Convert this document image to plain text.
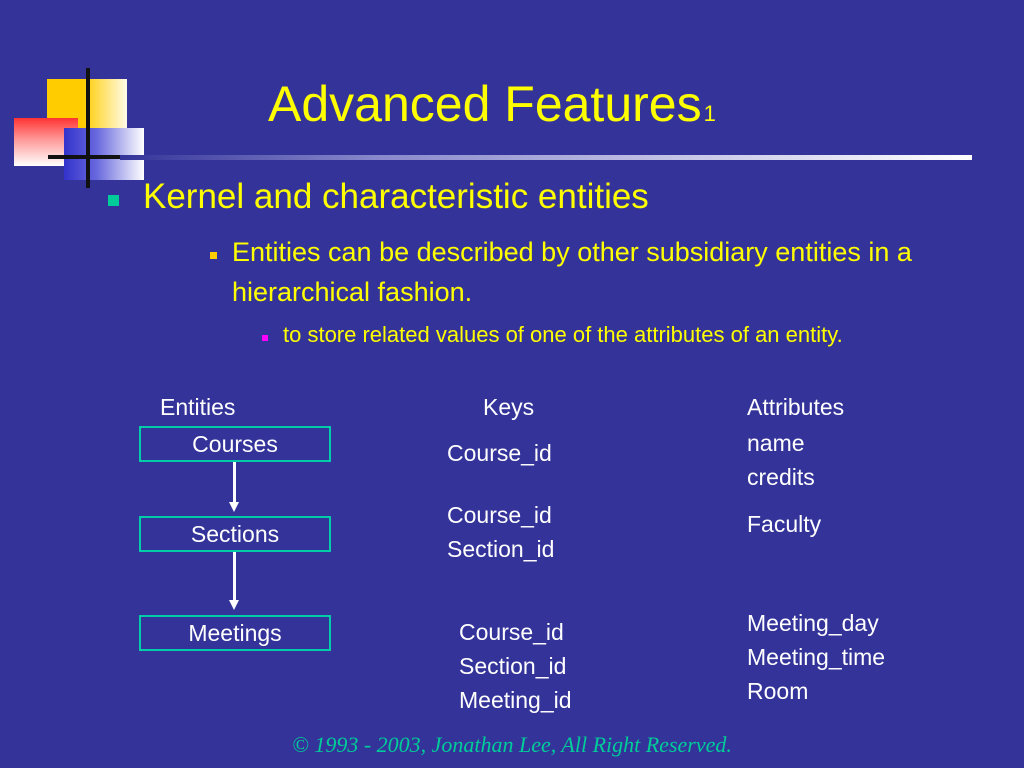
Advanced Features1
Kernel and characteristic entities
Entities can be described by other subsidiary entities in a hierarchical fashion.
to store related values of one of the attributes of an entity.
Entities	Keys	Attributes
Courses
Sections
Meetings
Course_id
Course_id
Section_id
Course_id
Section_id
Meeting_id
name
credits
Faculty
Meeting_day
Meeting_time
Room
© 1993 - 2003, Jonathan Lee, All Right Reserved.
